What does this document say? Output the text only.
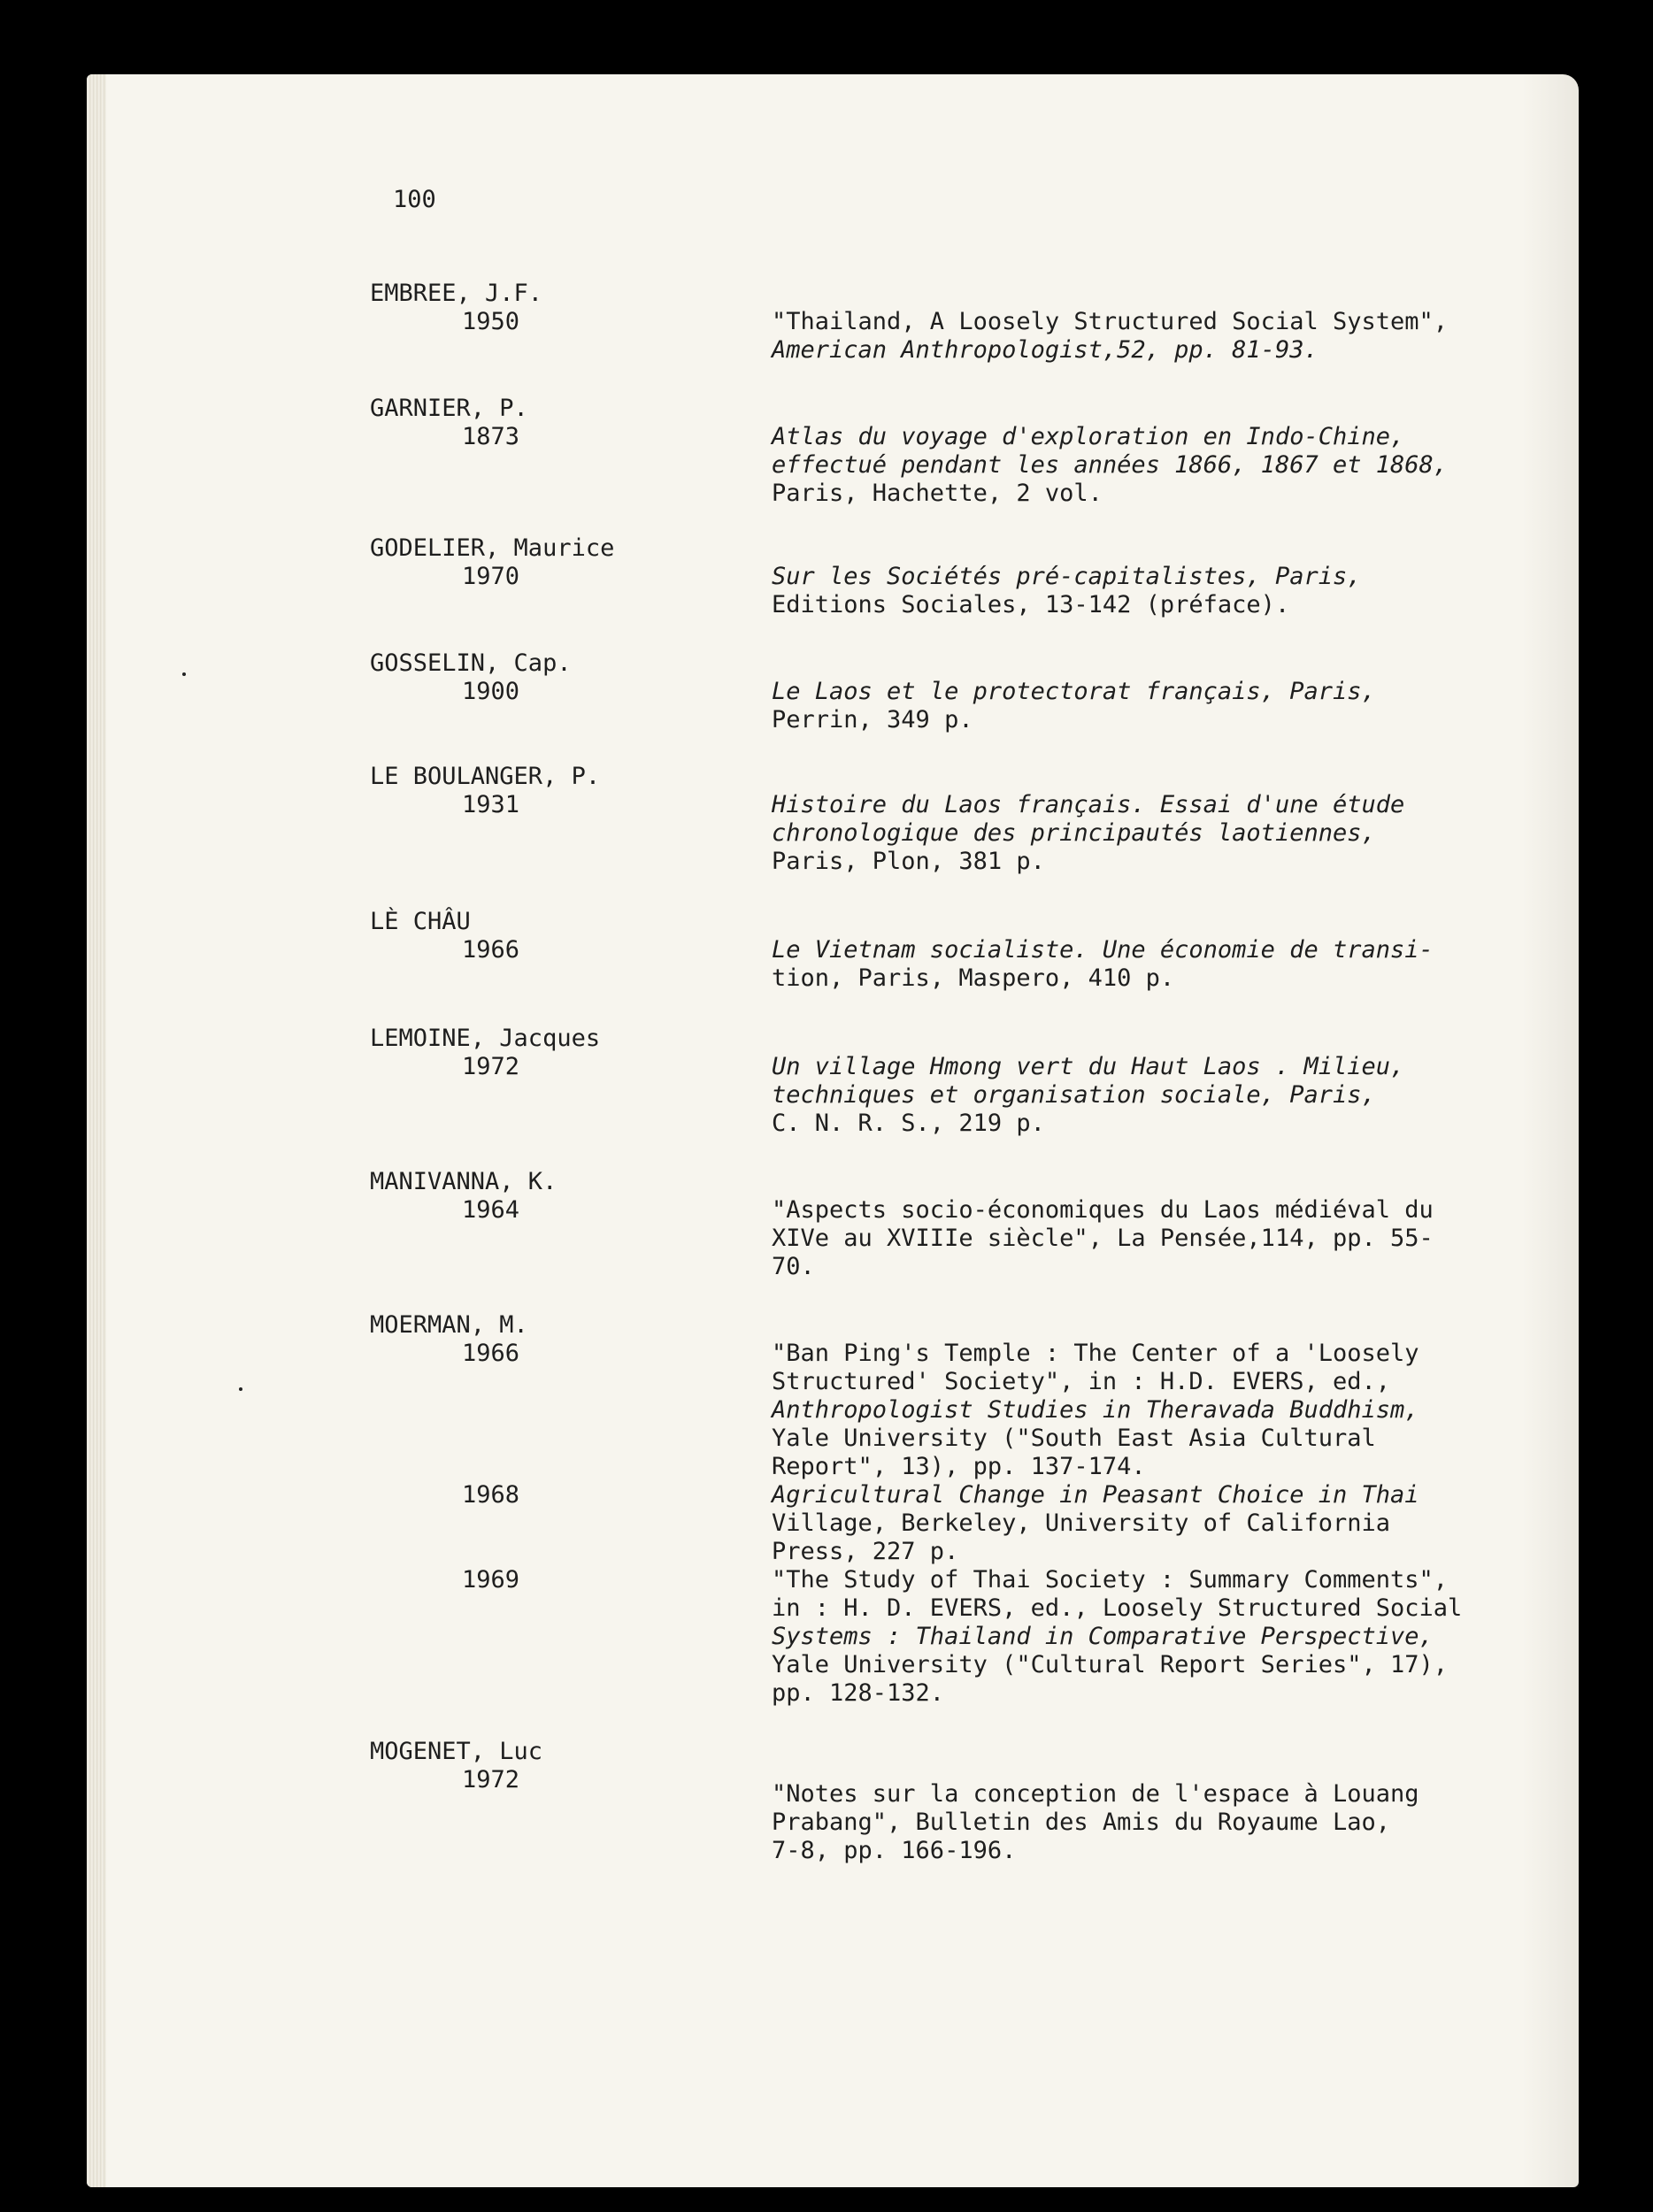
100

EMBREE, J.F.

1950	"Thailand, A Loosely Structured Social System",

American Anthropologist,52, pp. 81-93.

GARNIER, P.

1873	Atlas du voyage d'exploration en Indo-Chine,

effectué pendant les années 1866, 1867 et 1868,

Paris, Hachette, 2 vol.

GODELIER, Maurice

1970	Sur les Sociétés pré-capitalistes, Paris,

Editions Sociales, 13-142 (préface).

GOSSELIN, Cap.

1900	Le Laos et le protectorat français, Paris,

Perrin, 349 p.

LE BOULANGER, P.

1931	Histoire du Laos français. Essai d'une étude

chronologique des principautés laotiennes,

Paris, Plon, 381 p.

LÈ CHÂU

1966	Le Vietnam socialiste. Une économie de transi-

tion, Paris, Maspero, 410 p.

LEMOINE, Jacques

1972	Un village Hmong vert du Haut Laos . Milieu,

techniques et organisation sociale, Paris,

C. N. R. S., 219 p.

MANIVANNA, K.

1964	"Aspects socio-économiques du Laos médiéval du

XIVe au XVIIIe siècle", La Pensée,114, pp. 55-

70.

MOERMAN, M.

1966	"Ban Ping's Temple : The Center of a 'Loosely

Structured' Society", in : H.D. EVERS, ed.,

Anthropologist Studies in Theravada Buddhism,

Yale University ("South East Asia Cultural

Report", 13), pp. 137-174.

1968	Agricultural Change in Peasant Choice in Thai

Village, Berkeley, University of California

Press, 227 p.

1969	"The Study of Thai Society : Summary Comments",

in : H. D. EVERS, ed., Loosely Structured Social

Systems : Thailand in Comparative Perspective,

Yale University ("Cultural Report Series", 17),

pp. 128-132.

MOGENET, Luc

1972

"Notes sur la conception de l'espace à Louang

Prabang", Bulletin des Amis du Royaume Lao,

7-8, pp. 166-196.
